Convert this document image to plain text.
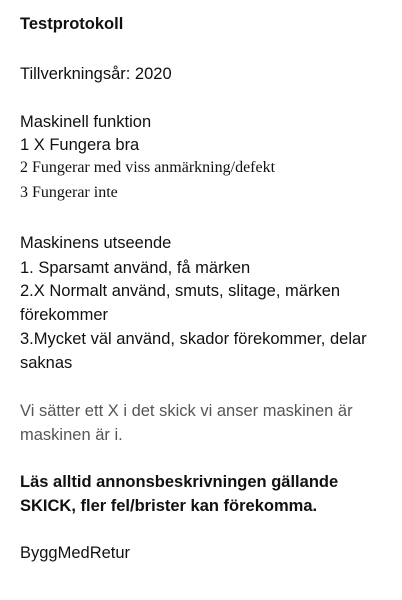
Testprotokoll

Tillverkningsår: 2020

Maskinell funktion

1 X Fungera bra

2 Fungerar med viss anmärkning/defekt

3 Fungerar inte

Maskinens utseende

1. Sparsamt använd, få märken

2.X Normalt använd, smuts, slitage, märken

förekommer

3.Mycket väl använd, skador förekommer, delar

saknas

Vi sätter ett X i det skick vi anser maskinen är

maskinen är i.

Läs alltid annonsbeskrivningen gällande

SKICK, fler fel/brister kan förekomma.

ByggMedRetur
